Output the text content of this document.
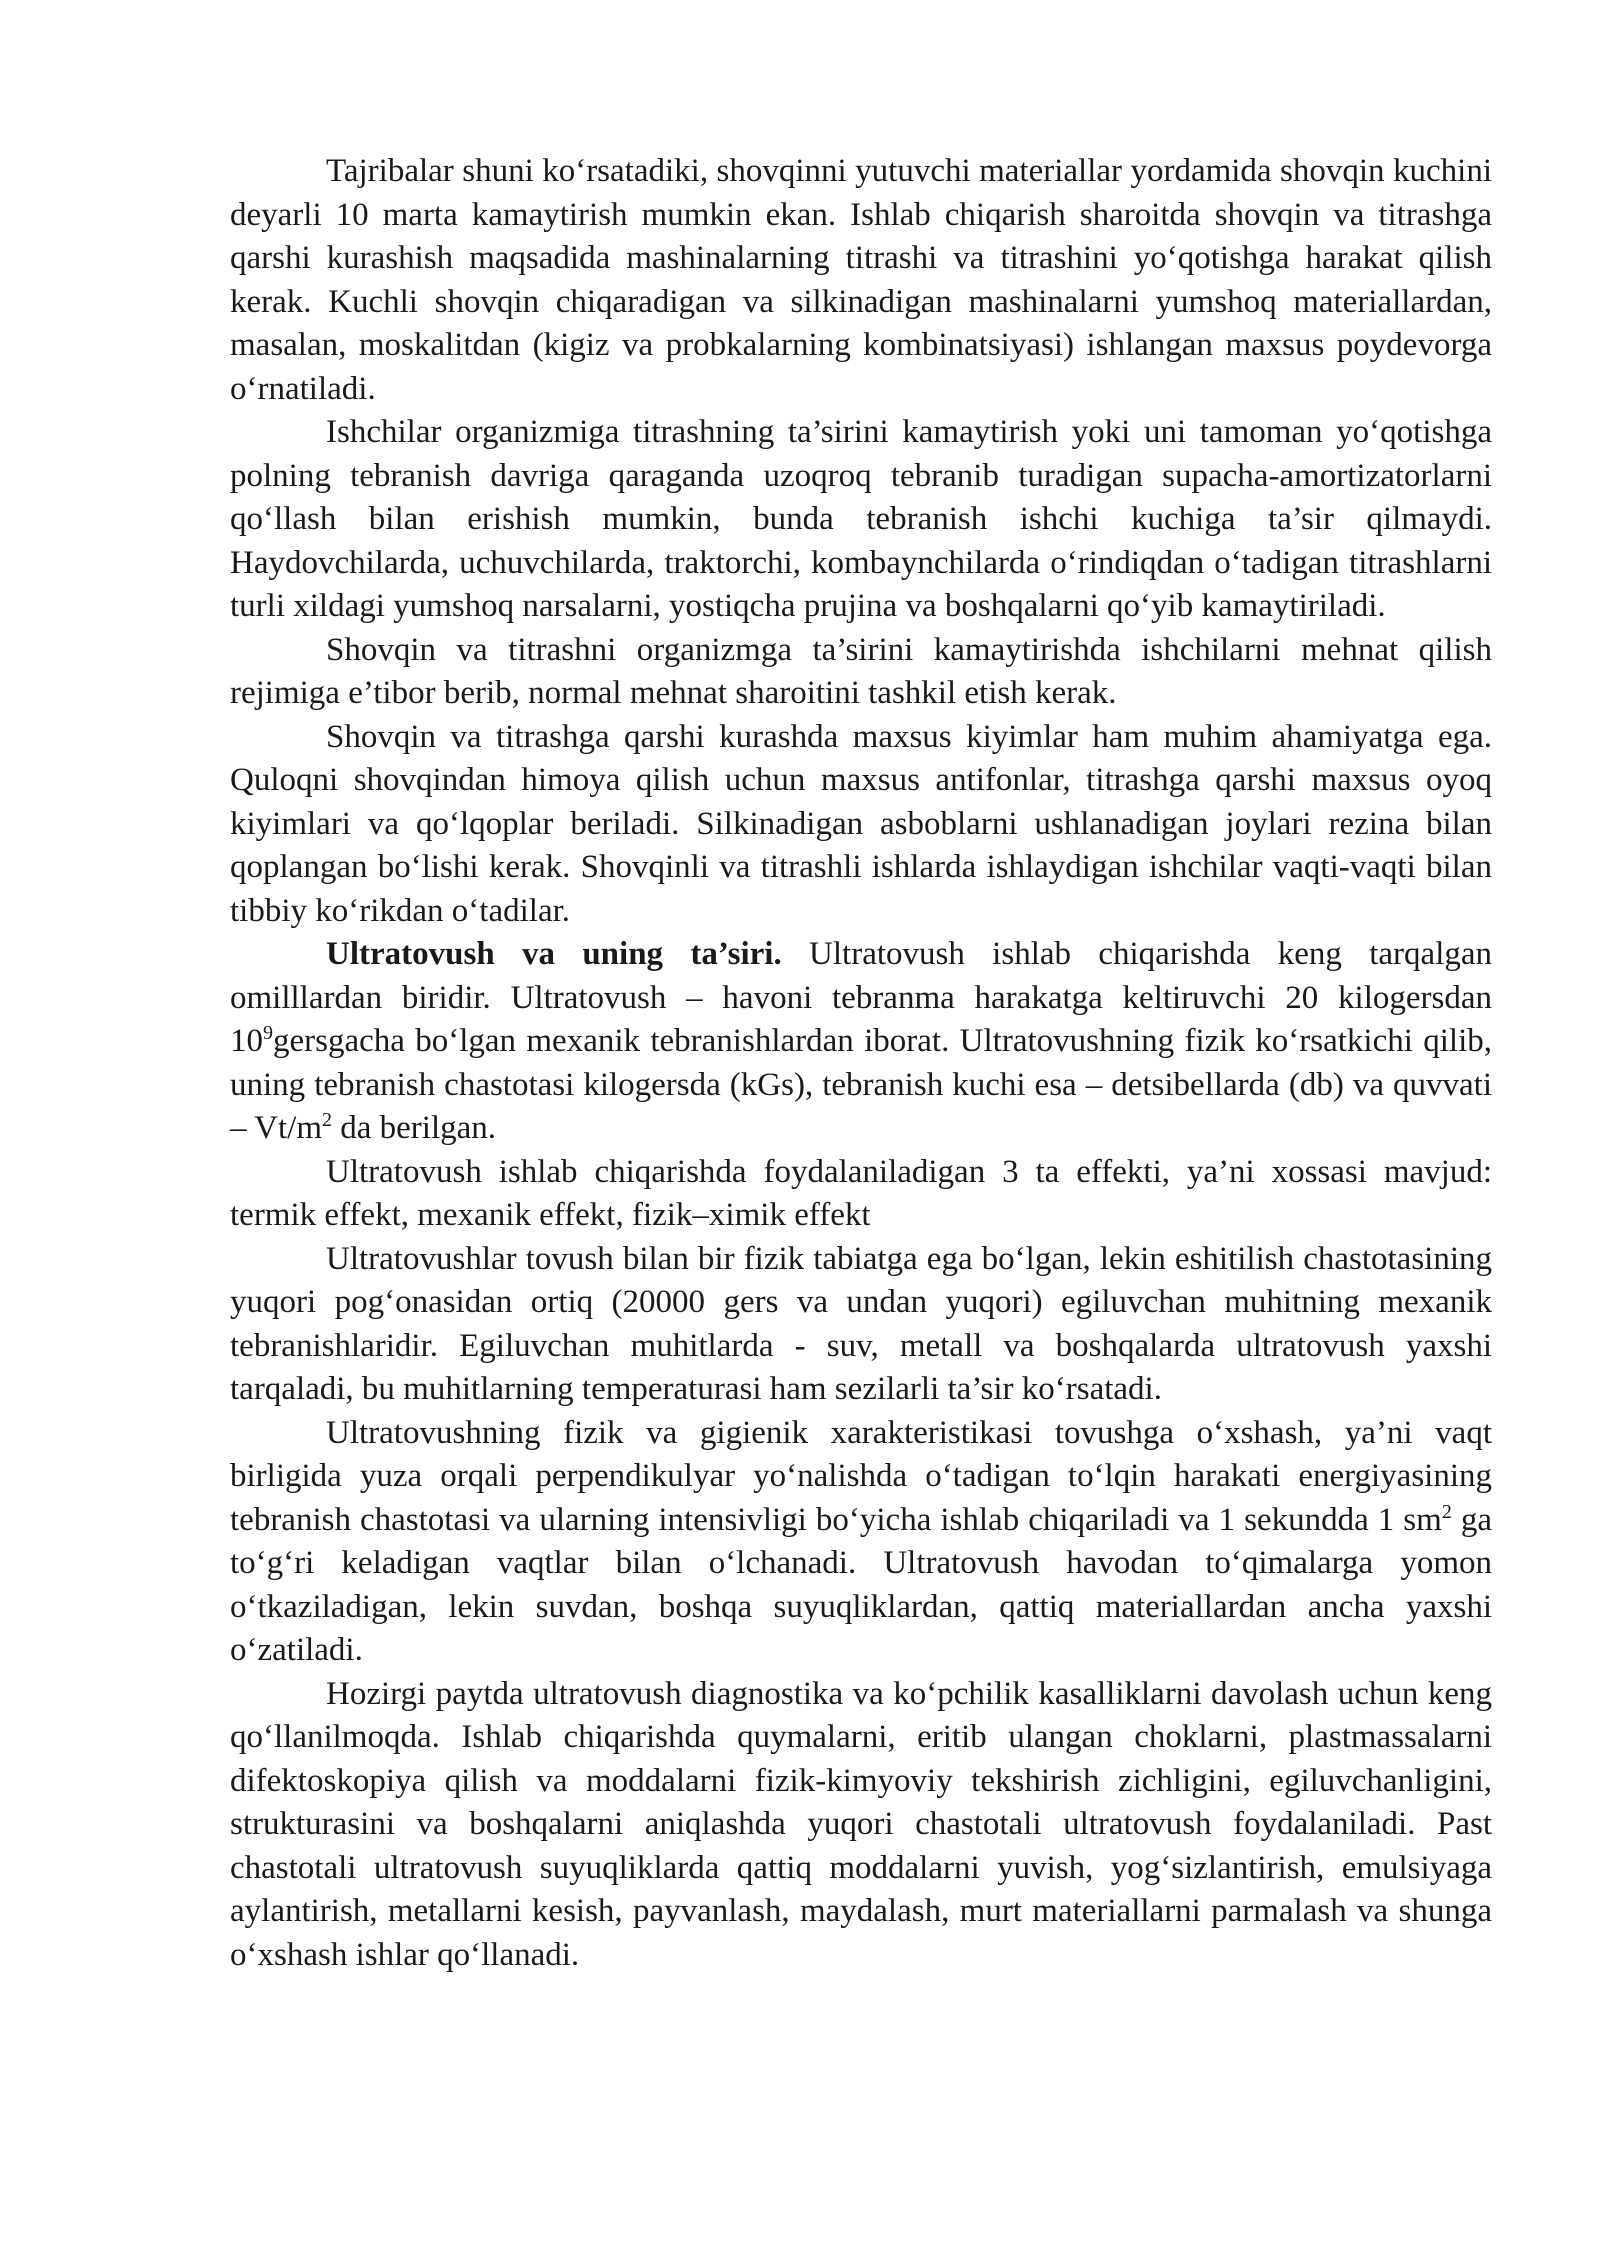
Tajribalar shuni ko‘rsatadiki, shovqinni yutuvchi materiallar yordamida shovqin kuchini deyarli 10 marta kamaytirish mumkin ekan. Ishlab chiqarish sharoitda shovqin va titrashga qarshi kurashish maqsadida mashinalarning titrashi va titrashini yo‘qotishga harakat qilish kerak. Kuchli shovqin chiqaradigan va silkinadigan mashinalarni yumshoq materiallardan, masalan, moskalitdan (kigiz va probkalarning kombinatsiyasi) ishlangan maxsus poydevorga o‘rnatiladi.

Ishchilar organizmiga titrashning ta’sirini kamaytirish yoki uni tamoman yo‘qotishga polning tebranish davriga qaraganda uzoqroq tebranib turadigan supacha-amortizatorlarni qo‘llash bilan erishish mumkin, bunda tebranish ishchi kuchiga ta’sir qilmaydi. Haydovchilarda, uchuvchilarda, traktorchi, kombaynchilarda o‘rindiqdan o‘tadigan titrashlarni turli xildagi yumshoq narsalarni, yostiqcha prujina va boshqalarni qo‘yib kamaytiriladi.

Shovqin va titrashni organizmga ta’sirini kamaytirishda ishchilarni mehnat qilish rejimiga e’tibor berib, normal mehnat sharoitini tashkil etish kerak.

Shovqin va titrashga qarshi kurashda maxsus kiyimlar ham muhim ahamiyatga ega. Quloqni shovqindan himoya qilish uchun maxsus antifonlar, titrashga qarshi maxsus oyoq kiyimlari va qo‘lqoplar beriladi. Silkinadigan asboblarni ushlanadigan joylari rezina bilan qoplangan bo‘lishi kerak. Shovqinli va titrashli ishlarda ishlaydigan ishchilar vaqti-vaqti bilan tibbiy ko‘rikdan o‘tadilar.

Ultratovush va uning ta’siri. Ultratovush ishlab chiqarishda keng tarqalgan omilllardan biridir. Ultratovush – havoni tebranma harakatga keltiruvchi 20 kilogersdan $10^9gersgacha$ bo‘lgan mexanik tebranishlardan iborat. Ultratovushning fizik ko‘rsatkichi qilib, uning tebranish chastotasi kilogersda (kGs), tebranish kuchi esa – detsibellarda (db) va quvvati – $Vt/m^2$ da berilgan.

Ultratovush ishlab chiqarishda foydalaniladigan 3 ta effekti, ya’ni xossasi mavjud: termik effekt, mexanik effekt, fizik–ximik effekt

Ultratovushlar tovush bilan bir fizik tabiatga ega bo‘lgan, lekin eshitilish chastotasining yuqori pog‘onasidan ortiq (20000 gers va undan yuqori) egiluvchan muhitning mexanik tebranishlaridir. Egiluvchan muhitlarda - suv, metall va boshqalarda ultratovush yaxshi tarqaladi, bu muhitlarning temperaturasi ham sezilarli ta’sir ko‘rsatadi.

Ultratovushning fizik va gigienik xarakteristikasi tovushga o‘xshash, ya’ni vaqt birligida yuza orqali perpendikulyar yo‘nalishda o‘tadigan to‘lqin harakati energiyasining tebranish chastotasi va ularning intensivligi bo‘yicha ishlab chiqariladi va 1 sekundda 1 $sm^2$ ga to‘g‘ri keladigan vaqtlar bilan o‘lchanadi. Ultratovush havodan to‘qimalarga yomon o‘tkaziladigan, lekin suvdan, boshqa suyuqliklardan, qattiq materiallardan ancha yaxshi o‘zatiladi.

Hozirgi paytda ultratovush diagnostika va ko‘pchilik kasalliklarni davolash uchun keng qo‘llanilmoqda. Ishlab chiqarishda quymalarni, eritib ulangan choklarni, plastmassalarni difektoskopiya qilish va moddalarni fizik-kimyoviy tekshirish zichligini, egiluvchanligini, strukturasini va boshqalarni aniqlashda yuqori chastotali ultratovush foydalaniladi. Past chastotali ultratovush suyuqliklarda qattiq moddalarni yuvish, yog‘sizlantirish, emulsiyaga aylantirish, metallarni kesish, payvanlash, maydalash, murt materiallarni parmalash va shunga o‘xshash ishlar qo‘llanadi.
